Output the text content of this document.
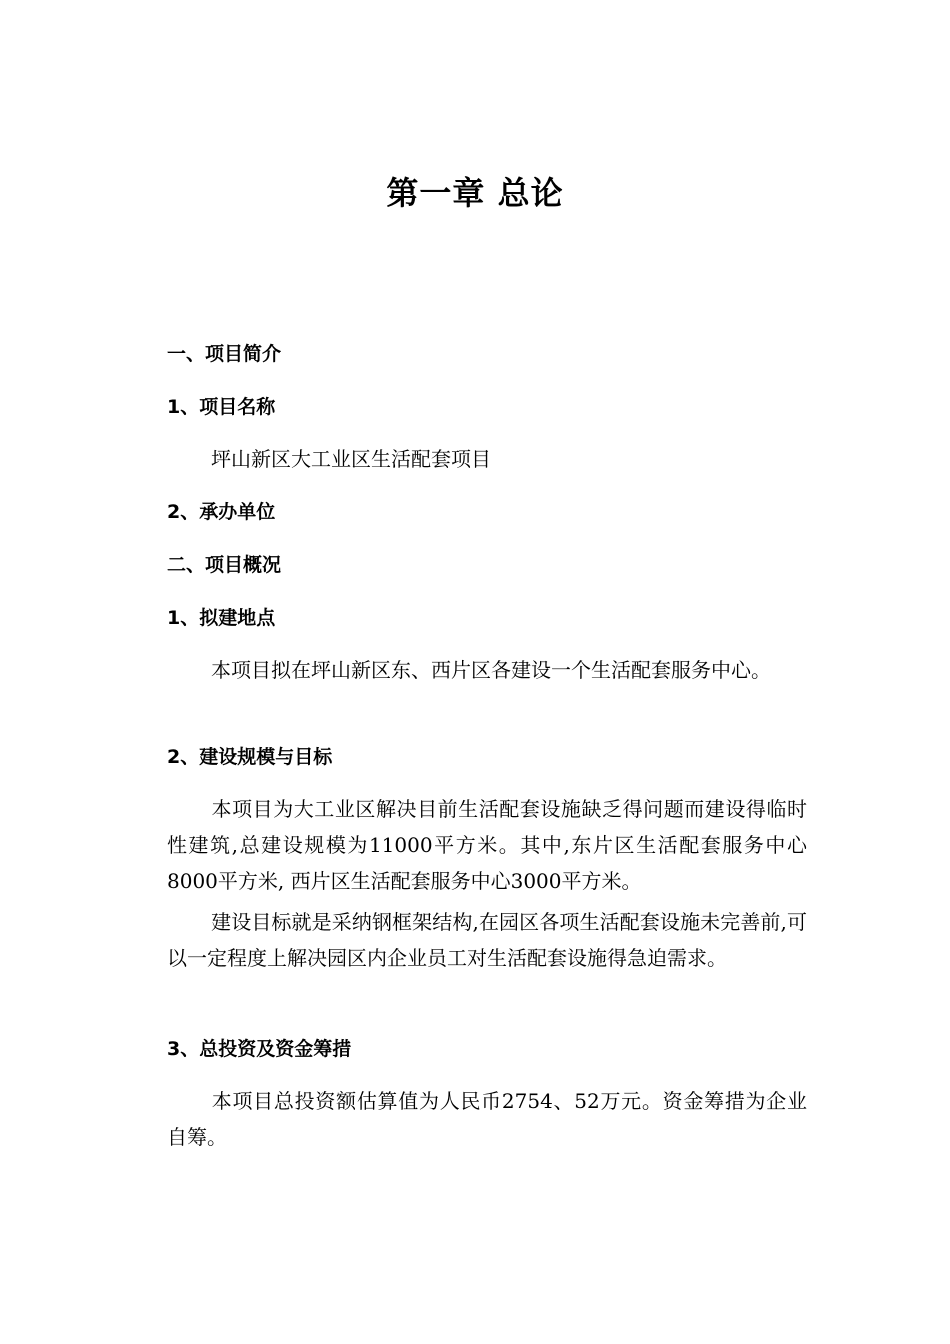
第一章 总论
一、项目简介
1、项目名称
坪山新区大工业区生活配套项目
2、承办单位
二、项目概况
1、拟建地点
本项目拟在坪山新区东、西片区各建设一个生活配套服务中心。
2、建设规模与目标
本项目为大工业区解决目前生活配套设施缺乏得问题而建设得临时性建筑,总建设规模为11000平方米。其中,东片区生活配套服务中心8000平方米, 西片区生活配套服务中心3000平方米。
建设目标就是采纳钢框架结构,在园区各项生活配套设施未完善前,可以一定程度上解决园区内企业员工对生活配套设施得急迫需求。
3、总投资及资金筹措
本项目总投资额估算值为人民币2754、52万元。资金筹措为企业自筹。
